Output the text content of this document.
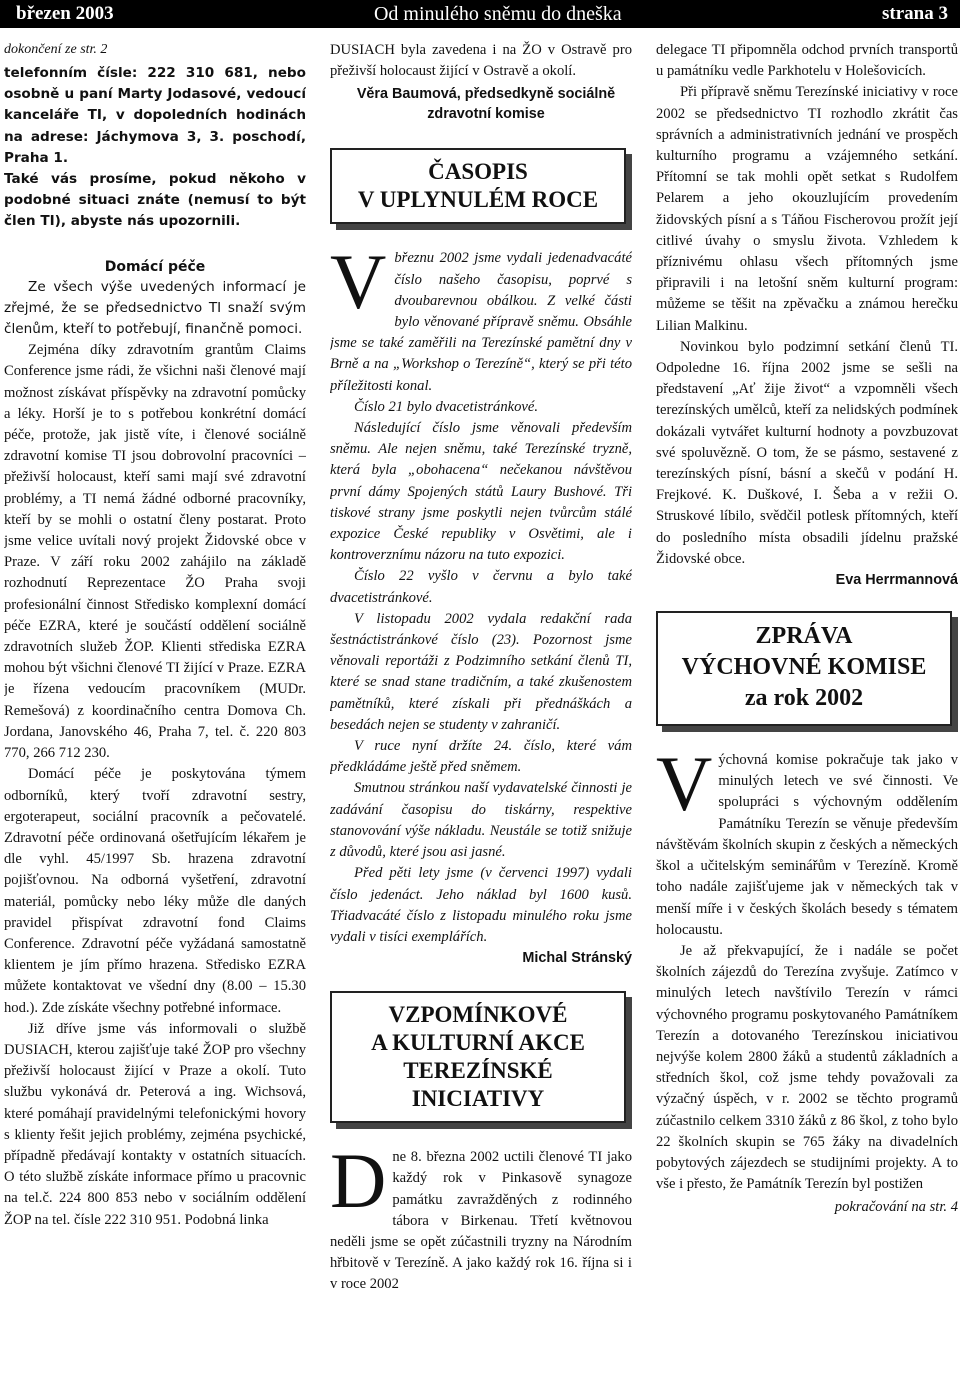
březen 2003	Od minulého sněmu do dneška	strana 3

dokončení ze str. 2

telefonním čísle: 222 310 681, nebo osobně u paní Marty Jodasové, vedoucí kanceláře TI, v dopoledních hodinách na adrese: Jáchymova 3, 3. poschodí, Praha 1.

Také vás prosíme, pokud někoho v podobné situaci znáte (nemusí to být člen TI), abyste nás upozornili.

Domácí péče

Ze všech výše uvedených informací je zřejmé, že se předsednictvo TI snaží svým členům, kteří to potřebují, finančně pomoci.

Zejména díky zdravotním grantům Claims Conference jsme rádi, že všichni naši členové mají možnost získávat příspěvky na zdravotní pomůcky a léky. Horší je to s potřebou konkrétní domácí péče, protože, jak jistě víte, i členové sociálně zdravotní komise TI jsou dobrovolní pracovníci – přeživší holocaust, kteří sami mají své zdravotní problémy, a TI nemá žádné odborné pracovníky, kteří by se mohli o ostatní členy postarat. Proto jsme velice uvítali nový projekt Židovské obce v Praze. V září roku 2002 zahájilo na základě rozhodnutí Reprezentace ŽO Praha svoji profesionální činnost Středisko komplexní domácí péče EZRA, které je součástí oddělení sociálně zdravotních služeb ŽOP. Klienti střediska EZRA mohou být všichni členové TI žijící v Praze. EZRA je řízena vedoucím pracovníkem (MUDr. Remešová) z koordinačního centra Domova Ch. Jordana, Janovského 46, Praha 7, tel. č. 220 803 770, 266 712 230.

Domácí péče je poskytována týmem odborníků, který tvoří zdravotní sestry, ergoterapeut, sociální pracovník a pečovatelé. Zdravotní péče ordinovaná ošetřujícím lékařem je dle vyhl. 45/1997 Sb. hrazena zdravotní pojišťovnou. Na odborná vyšetření, zdravotní materiál, pomůcky nebo léky může dle daných pravidel přispívat zdravotní fond Claims Conference. Zdravotní péče vyžádaná samostatně klientem je jím přímo hrazena. Středisko EZRA můžete kontaktovat ve všední dny (8.00 – 15.30 hod.). Zde získáte všechny potřebné informace.

Již dříve jsme vás informovali o službě DUSIACH, kterou zajišťuje také ŽOP pro všechny přeživší holocaust žijící v Praze a okolí. Tuto službu vykonává dr. Peterová a ing. Wichsová, které pomáhají pravidelnými telefonickými hovory s klienty řešit jejich problémy, zejména psychické, případně předávají kontakty v ostatních situacích. O této službě získáte informace přímo u pracovnic na tel.č. 224 800 853 nebo v sociálním oddělení ŽOP na tel. čísle 222 310 951. Podobná linka

DUSIACH byla zavedena i na ŽO v Ostravě pro přeživší holocaust žijící v Ostravě a okolí.

Věra Baumová, předsedkyně sociálně zdravotní komise
ČASOPIS
V UPLYNULÉM ROCE

V březnu 2002 jsme vydali jedenadvacáté číslo našeho časopisu, poprvé s dvoubarevnou obálkou. Z velké části bylo věnované přípravě sněmu. Obsáhle jsme se také zaměřili na Terezínské pamětní dny v Brně a na „Workshop o Terezíně“, který se při této příležitosti konal.

Číslo 21 bylo dvacetistránkové.

Následující číslo jsme věnovali především sněmu. Ale nejen sněmu, také Terezínské tryzně, která byla „obohacena“ nečekanou návštěvou první dámy Spojených států Laury Bushové. Tři tiskové strany jsme poskytli nejen tvůrcům stálé expozice České republiky v Osvětimi, ale i kontroverznímu názoru na tuto expozici.

Číslo 22 vyšlo v červnu a bylo také dvacetistránkové.

V listopadu 2002 vydala redakční rada šestnáctistránkové číslo (23). Pozornost jsme věnovali reportáži z Podzimního setkání členů TI, které se snad stane tradičním, a také zkušenostem pamětníků, které získali při přednáškách a besedách nejen se studenty v zahraničí.

V ruce nyní držíte 24. číslo, které vám předkládáme ještě před sněmem.

Smutnou stránkou naší vydavatelské činnosti je zadávání časopisu do tiskárny, respektive stanovování výše nákladu. Neustále se totiž snižuje z důvodů, které jsou asi jasné.

Před pěti lety jsme (v červenci 1997) vydali číslo jedenáct. Jeho náklad byl 1600 kusů. Třiadvacáté číslo z listopadu minulého roku jsme vydali v tisíci exemplářích.

Michal Stránský
VZPOMÍNKOVÉ
A KULTURNÍ AKCE
TEREZÍNSKÉ INICIATIVY

Dne 8. března 2002 uctili členové TI jako každý rok v Pinkasově synagoze památku zavražděných z rodinného tábora v Birkenau. Třetí květnovou neděli jsme se opět zúčastnili tryzny na Národním hřbitově v Terezíně. A jako každý rok 16. října si i v roce 2002

delegace TI připomněla odchod prvních transportů u památníku vedle Parkhotelu v Holešovicích.

Při přípravě sněmu Terezínské iniciativy v roce 2002 se předsednictvo TI rozhodlo zkrátit čas správních a administrativních jednání ve prospěch kulturního programu a vzájemného setkání. Přítomní se tak mohli opět setkat s Rudolfem Pelarem a jeho okouzlujícím provedením židovských písní a s Táňou Fischerovou prožít její citlivé úvahy o smyslu života. Vzhledem k příznivému ohlasu všech přítomných jsme připravili i na letošní sněm kulturní program: můžeme se těšit na zpěvačku a známou herečku Lilian Malkinu.

Novinkou bylo podzimní setkání členů TI. Odpoledne 16. října 2002 jsme se sešli na představení „Ať žije život“ a vzpomněli všech terezínských umělců, kteří za nelidských podmínek dokázali vytvářet kulturní hodnoty a povzbuzovat své spoluvězně. O tom, že se pásmo, sestavené z terezínských písní, básní a skečů v podání H. Frejkové. K. Duškové, I. Šeba a v režii O. Struskové líbilo, svědčil potlesk přítomných, kteří do posledního místa obsadili jídelnu pražské Židovské obce.

Eva Herrmannová
ZPRÁVA
VÝCHOVNÉ KOMISE
za rok 2002

Výchovná komise pokračuje tak jako v minulých letech ve své činnosti. Ve spolupráci s výchovným oddělením Památníku Terezín se věnuje především návštěvám školních skupin z českých a německých škol a učitelským seminářům v Terezíně. Kromě toho nadále zajišťujeme jak v německých tak v menší míře i v českých školách besedy s tématem holocaustu.

Je až překvapující, že i nadále se počet školních zájezdů do Terezína zvyšuje. Zatímco v minulých letech navštívilo Terezín v rámci výchovného programu poskytovaného Památníkem Terezín a dotovaného Terezínskou iniciativou nejvýše kolem 2800 žáků a studentů základních a středních škol, což jsme tehdy považovali za výzačný úspěch, v r. 2002 se těchto programů zúčastnilo celkem 3310 žáků z 86 škol, z toho bylo 22 školních skupin se 765 žáky na divadelních pobytových zájezdech se studijními projekty. A to vše i přesto, že Památník Terezín byl postižen

pokračování na str. 4
